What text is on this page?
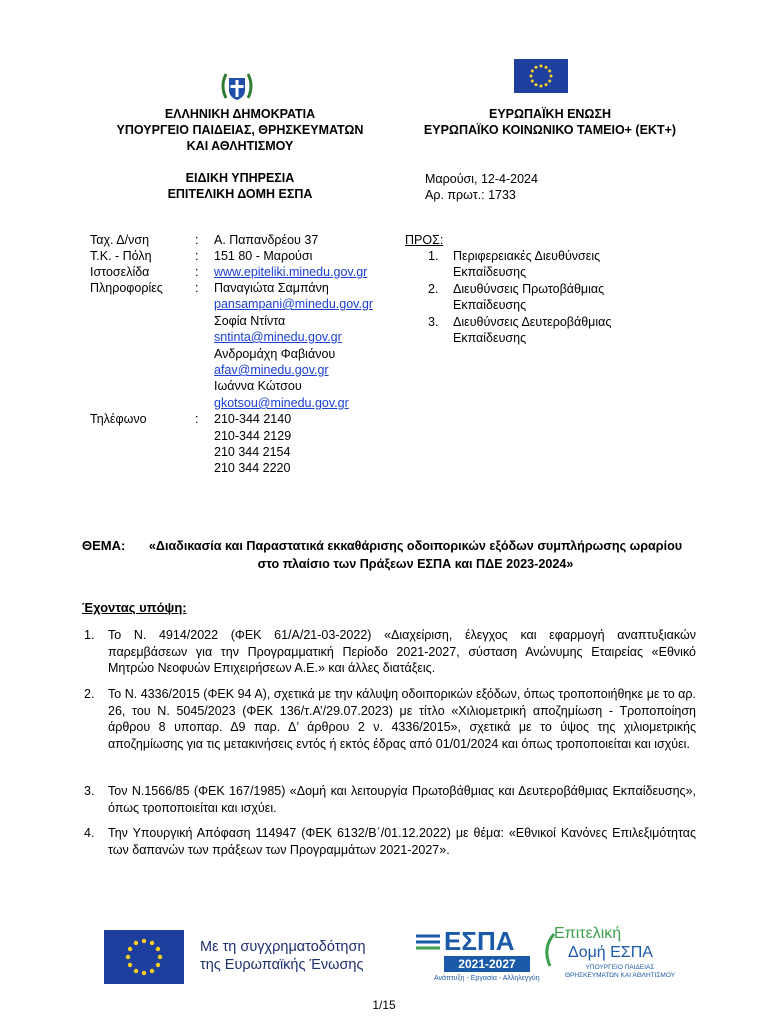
ΕΛΛΗΝΙΚΗ ΔΗΜΟΚΡΑΤΙΑ
ΥΠΟΥΡΓΕΙΟ ΠΑΙΔΕΙΑΣ, ΘΡΗΣΚΕΥΜΑΤΩΝ
ΚΑΙ ΑΘΛΗΤΙΣΜΟΥ
ΕΙΔΙΚΗ ΥΠΗΡΕΣΙΑ
ΕΠΙΤΕΛΙΚΗ ΔΟΜΗ ΕΣΠΑ
ΕΥΡΩΠΑΪΚΗ ΕΝΩΣΗ
ΕΥΡΩΠΑΪΚΟ ΚΟΙΝΩΝΙΚΟ ΤΑΜΕΙΟ+ (ΕΚΤ+)
Μαρούσι, 12-4-2024
Αρ. πρωτ.: 1733
Ταχ. Δ/νση	: Α. Παπανδρέου 37
Τ.Κ. - Πόλη	: 151 80 - Μαρούσι
Ιστοσελίδα	: www.epiteliki.minedu.gov.gr
Πληροφορίες	: Παναγιώτα Σαμπάνη
pansampani@minedu.gov.gr
Σοφία Ντίντα
sntinta@minedu.gov.gr
Ανδρομάχη Φαβιάνου
afav@minedu.gov.gr
Ιωάννα Κώτσου
gkotsou@minedu.gov.gr
Τηλέφωνο	: 210-344 2140
210-344 2129
210 344 2154
210 344 2220
ΠΡΟΣ:
1. Περιφερειακές Διευθύνσεις
Εκπαίδευσης
2. Διευθύνσεις Πρωτοβάθμιας
Εκπαίδευσης
3. Διευθύνσεις Δευτεροβάθμιας
Εκπαίδευσης
ΘΕΜΑ:	«Διαδικασία και Παραστατικά εκκαθάρισης οδοιπορικών εξόδων συμπλήρωσης ωραρίου
στο πλαίσιο των Πράξεων ΕΣΠΑ και ΠΔΕ 2023-2024»
Έχοντας υπόψη:
1. Το Ν. 4914/2022 (ΦΕΚ 61/Α/21-03-2022) «Διαχείριση, έλεγχος και εφαρμογή αναπτυξιακών παρεμβάσεων για την Προγραμματική Περίοδο 2021-2027, σύσταση Ανώνυμης Εταιρείας «Εθνικό Μητρώο Νεοφυών Επιχειρήσεων Α.Ε.» και άλλες διατάξεις.
2. Το Ν. 4336/2015 (ΦΕΚ 94 Α), σχετικά με την κάλυψη οδοιπορικών εξόδων, όπως τροποποιήθηκε με το αρ. 26, του Ν. 5045/2023 (ΦΕΚ 136/τ.Α’/29.07.2023) με τίτλο «Χιλιομετρική αποζημίωση - Τροποποίηση άρθρου 8 υποπαρ. Δ9 παρ. Δ’ άρθρου 2 ν. 4336/2015», σχετικά με το ύψος της χιλιομετρικής αποζημίωσης για τις μετακινήσεις εντός ή εκτός έδρας από 01/01/2024 και όπως τροποποιείται και ισχύει.
3. Τον Ν.1566/85 (ΦΕΚ 167/1985) «Δομή και λειτουργία Πρωτοβάθμιας και Δευτεροβάθμιας Εκπαίδευσης», όπως τροποποιείται και ισχύει.
4. Την Υπουργική Απόφαση 114947 (ΦΕΚ 6132/Β΄/01.12.2022) με θέμα: «Εθνικοί Κανόνες Επιλεξιμότητας των δαπανών των πράξεων των Προγραμμάτων 2021-2027».
Με τη συγχρηματοδότηση
της Ευρωπαϊκής Ένωσης
ΕΣΠΑ
2021-2027
Ανάπτυξη - Εργασία - Αλληλεγγύη
Επιτελική
Δομή ΕΣΠΑ
ΥΠΟΥΡΓΕΙΟ ΠΑΙΔΕΙΑΣ
ΘΡΗΣΚΕΥΜΑΤΩΝ ΚΑΙ ΑΘΛΗΤΙΣΜΟΥ
1/15
